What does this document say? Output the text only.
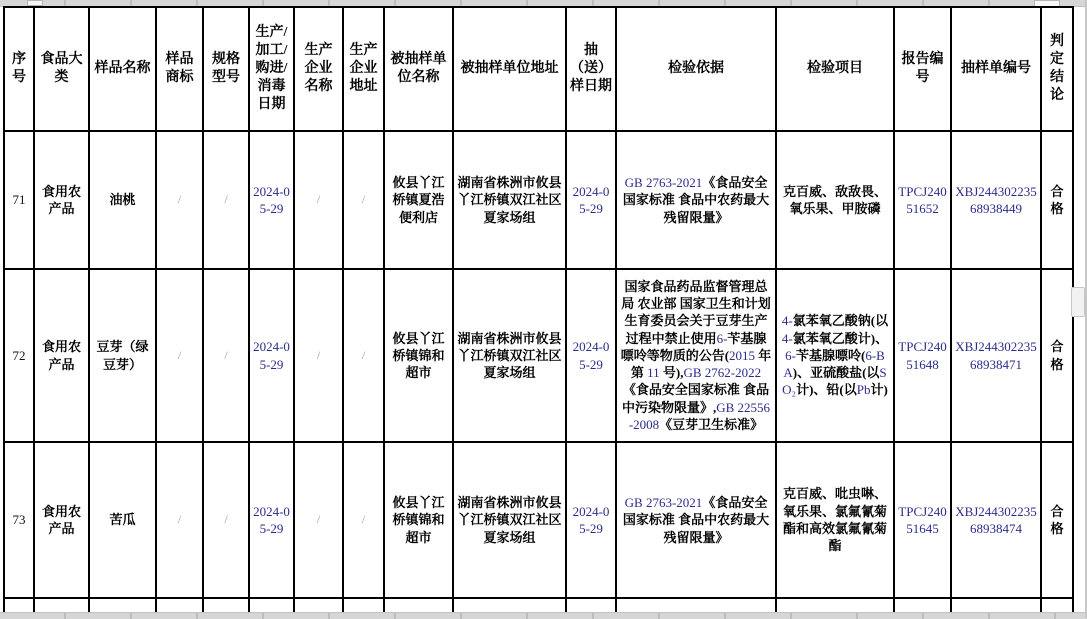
序号	食品大类	样品名称	样品商标	规格型号	生产/加工/购进/消毒日期	生产企业名称	生产企业地址	被抽样单位名称	被抽样单位地址	抽（送）样日期	检验依据	检验项目	报告编号	抽样单编号	判定结论
71	食用农产品	油桃	/	/	2024-05-29	/	/	攸县丫江桥镇夏浩便利店	湖南省株洲市攸县丫江桥镇双江社区夏家场组	2024-05-29	GB 2763-2021《食品安全国家标准 食品中农药最大残留限量》	克百威、敌敌畏、氧乐果、甲胺磷	TPCJ24051652	XBJ24430223568938449	合格
72	食用农产品	豆芽（绿豆芽）	/	/	2024-05-29	/	/	攸县丫江桥镇锦和超市	湖南省株洲市攸县丫江桥镇双江社区夏家场组	2024-05-29	国家食品药品监督管理总局 农业部 国家卫生和计划生育委员会关于豆芽生产过程中禁止使用6-苄基腺嘌呤等物质的公告(2015 年第 11 号),GB 2762-2022《食品安全国家标准 食品中污染物限量》,GB 22556-2008《豆芽卫生标准》	4-氯苯氧乙酸钠(以4-氯苯氧乙酸计)、6-苄基腺嘌呤(6-BA)、亚硫酸盐(以SO₂计)、铅(以Pb计)	TPCJ24051648	XBJ24430223568938471	合格
73	食用农产品	苦瓜	/	/	2024-05-29	/	/	攸县丫江桥镇锦和超市	湖南省株洲市攸县丫江桥镇双江社区夏家场组	2024-05-29	GB 2763-2021《食品安全国家标准 食品中农药最大残留限量》	克百威、吡虫啉、氧乐果、氯氟氰菊酯和高效氯氟氰菊酯	TPCJ24051645	XBJ24430223568938474	合格
